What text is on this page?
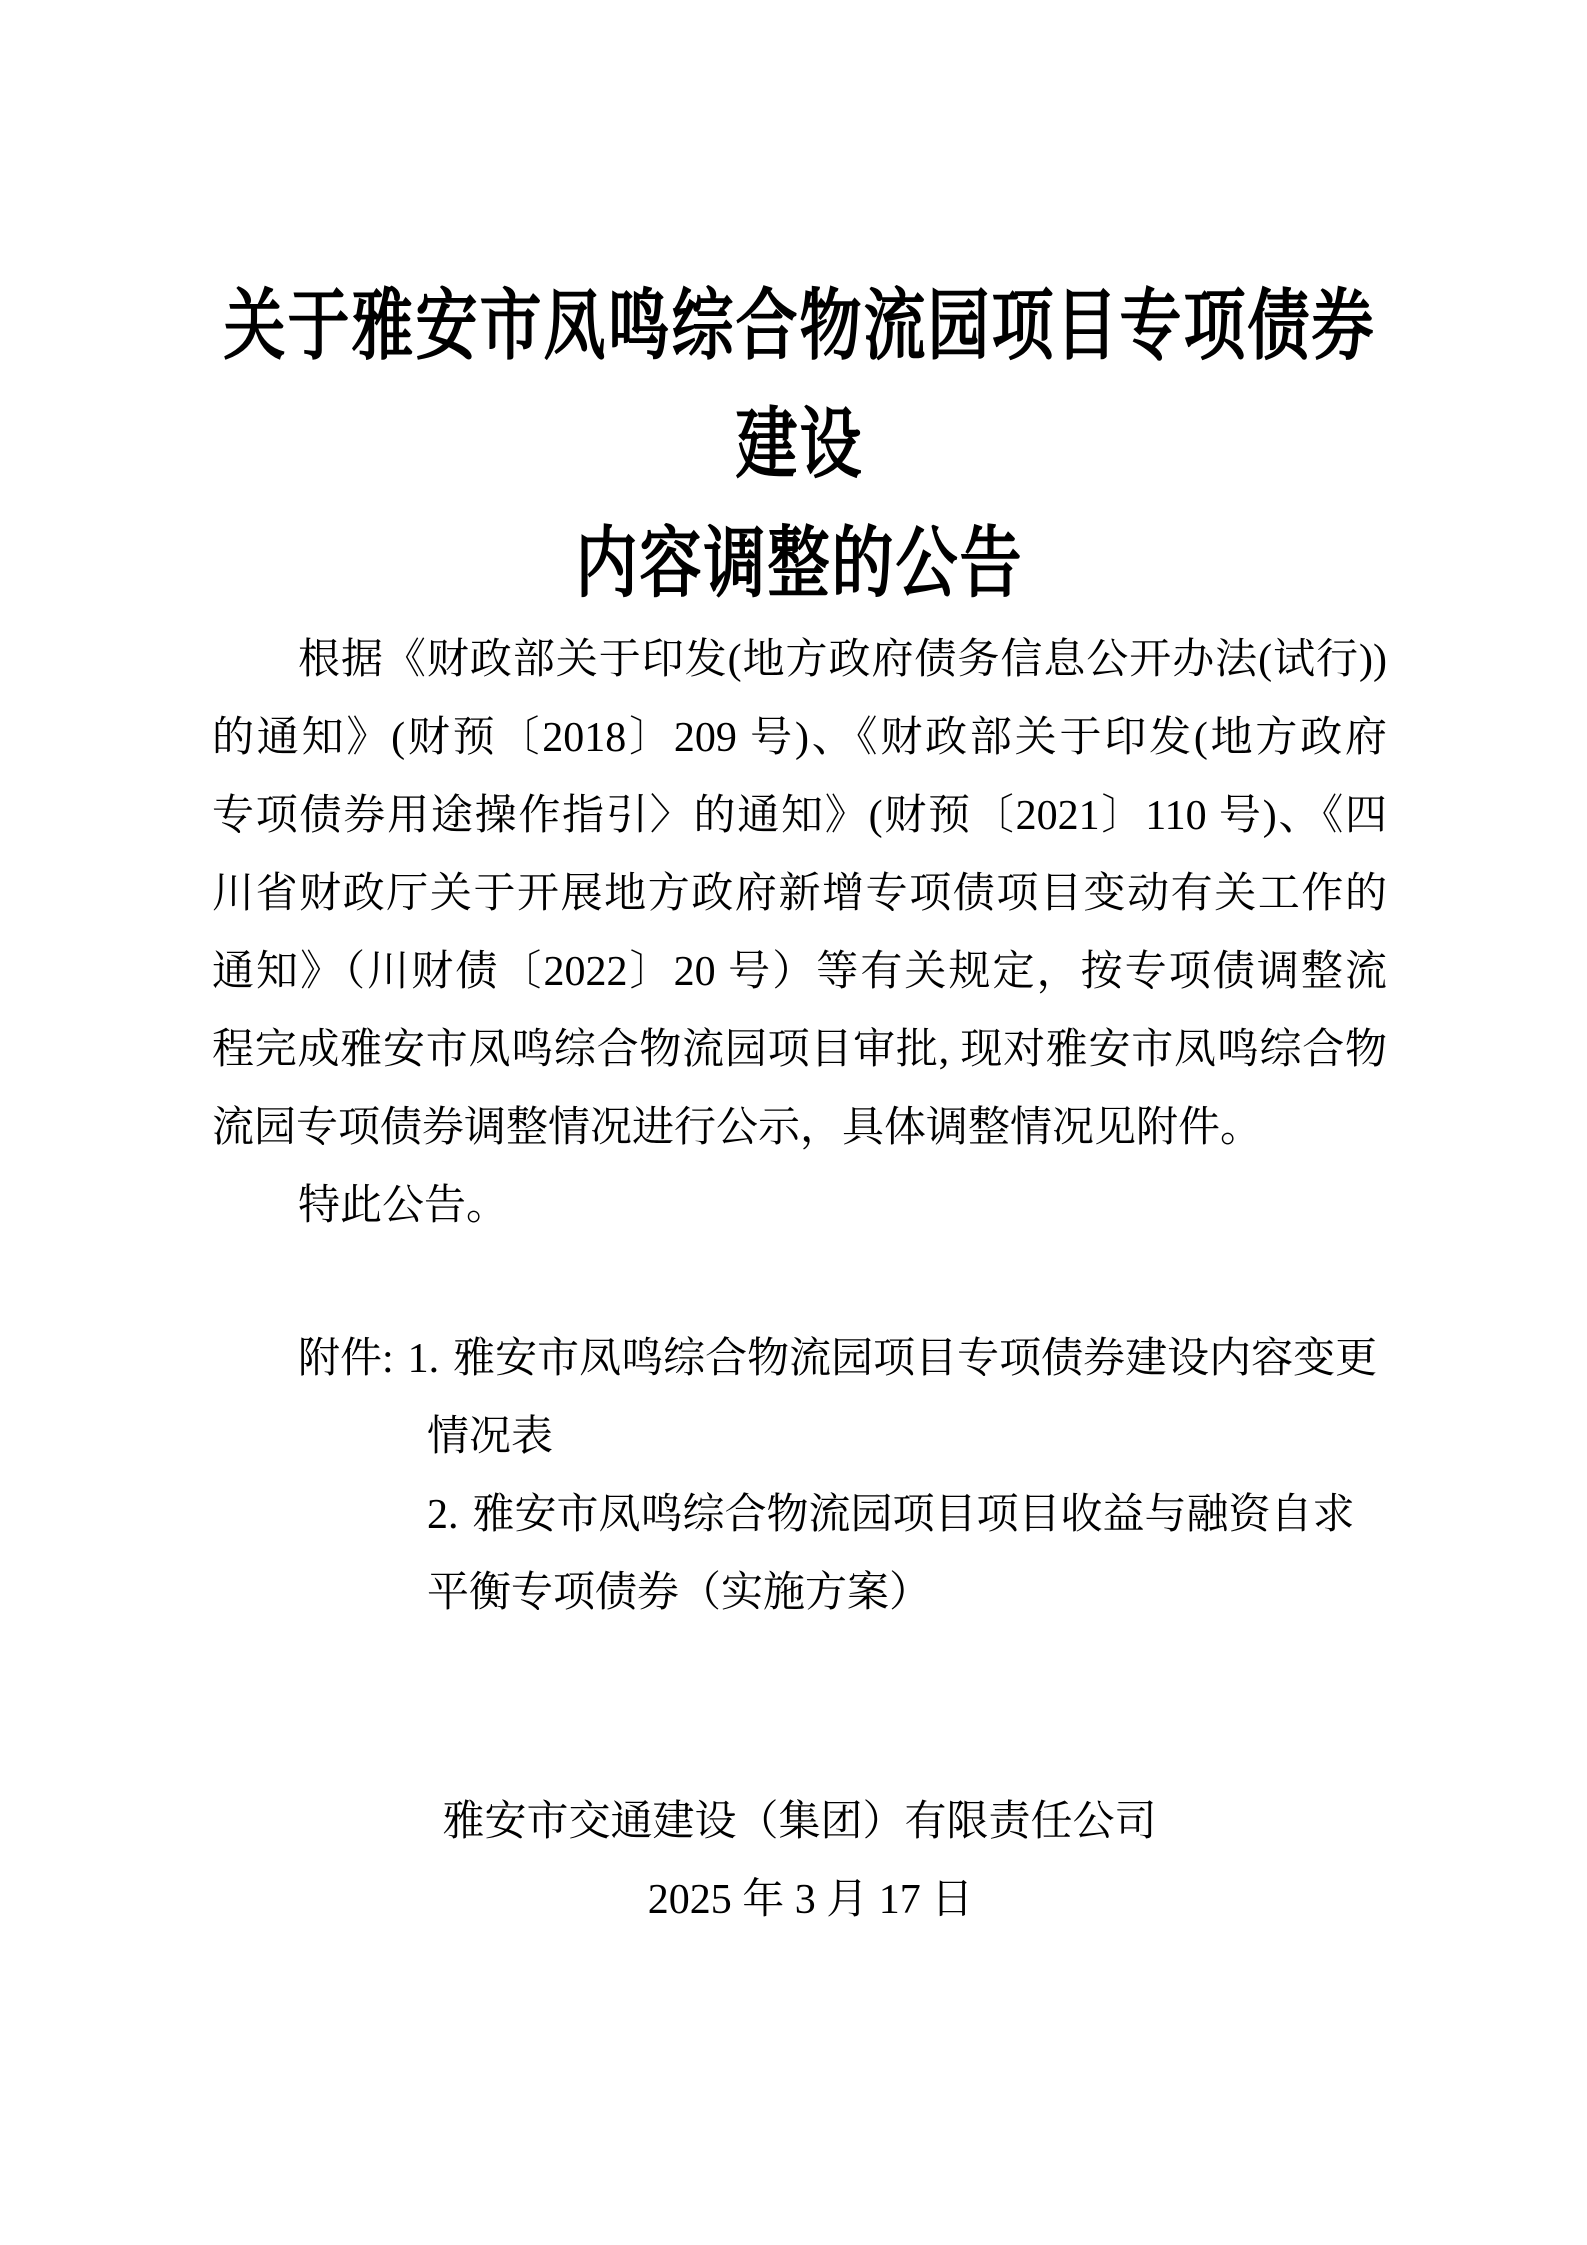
关于雅安市凤鸣综合物流园项目专项债券建设
内容调整的公告
根据《财政部关于印发(地方政府债务信息公开办法(试行))
的通知》(财预〔2018〕209 号)、《财政部关于印发(地方政府
专项债券用途操作指引〉的通知》(财预〔2021〕110 号)、《四
川省财政厅关于开展地方政府新增专项债项目变动有关工作的
通知》（川财债〔2022〕20 号）等有关规定，按专项债调整流
程完成雅安市凤鸣综合物流园项目审批, 现对雅安市凤鸣综合物
流园专项债券调整情况进行公示，具体调整情况见附件。
特此公告。
附件: 1. 雅安市凤鸣综合物流园项目专项债券建设内容变更
情况表
2. 雅安市凤鸣综合物流园项目项目收益与融资自求
平衡专项债券（实施方案）
雅安市交通建设（集团）有限责任公司
2025 年 3 月 17 日
